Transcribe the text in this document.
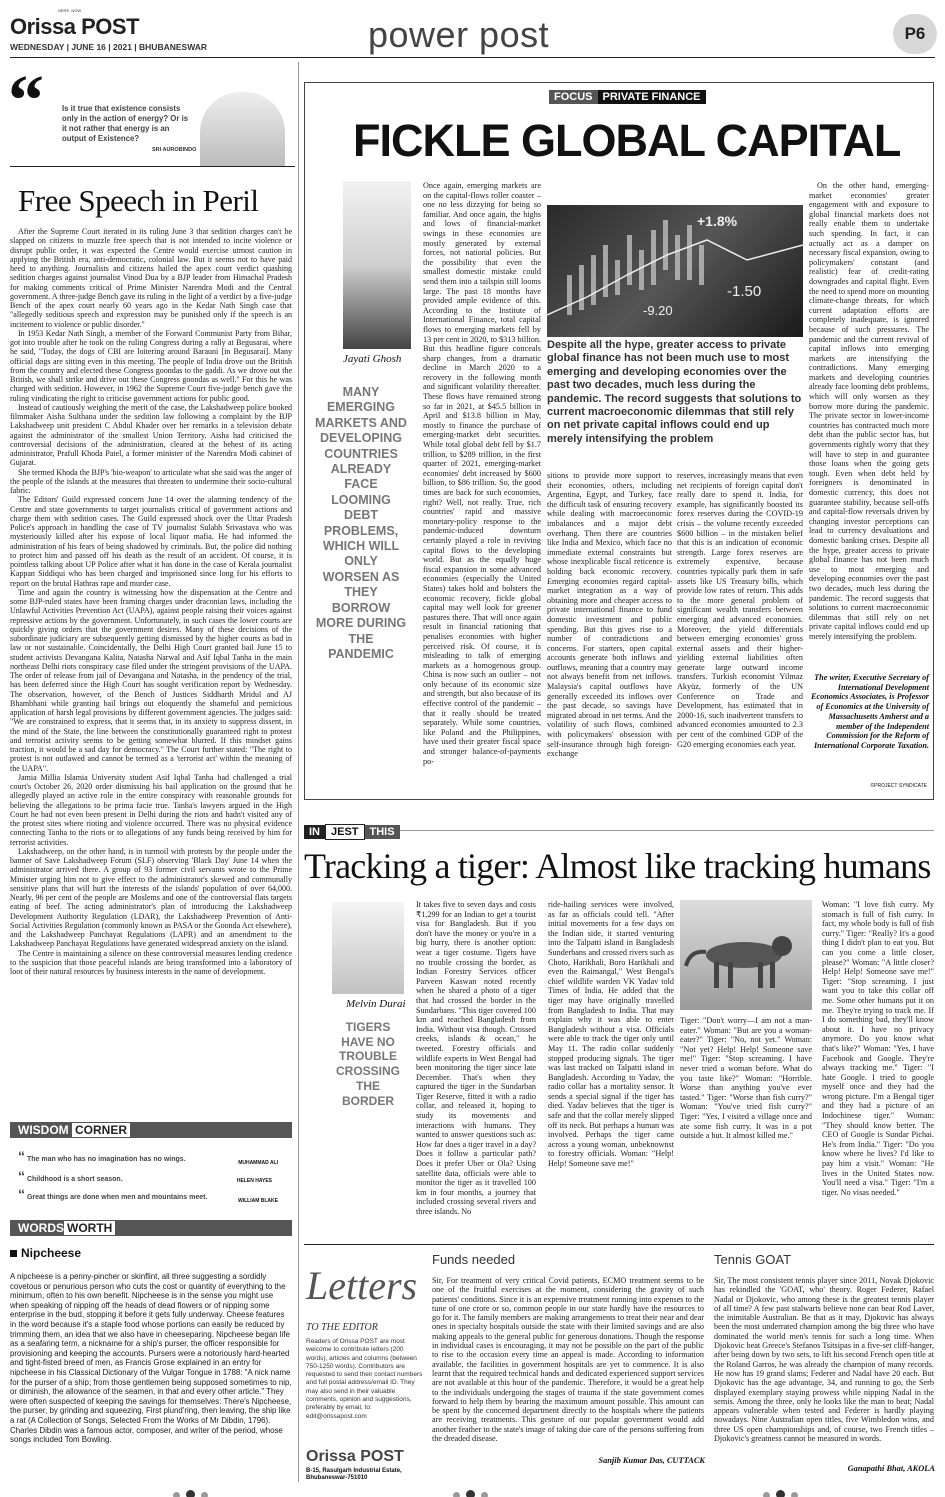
HERE, NOW
Orissa POST
WEDNESDAY | JUNE 16 | 2021 | BHUBANESWAR	power post	P6
“ Is it true that existence consists only in the action of energy? Or is it not rather that energy is an output of Existence?
SRI AUROBINDO
Free Speech in Peril

After the Supreme Court iterated in its ruling June 3 that sedition charges can't be slapped on citizens to muzzle free speech that is not intended to incite violence or disrupt public order, it was expected the Centre would exercise utmost caution in applying the British era, anti-democratic, colonial law. But it seems not to have paid heed to anything. Journalists and citizens hailed the apex court verdict quashing sedition charges against journalist Vinod Dua by a BJP leader from Himachal Pradesh for making comments critical of Prime Minister Narendra Modi and the Central government. A three-judge Bench gave its ruling in the light of a verdict by a five-judge Bench of the apex court nearly 60 years ago in the Kedar Nath Singh case that "allegedly seditious speech and expression may be punished only if the speech is an incitement to violence or public disorder."

In 1953 Kedar Nath Singh, a member of the Forward Communist Party from Bihar, got into trouble after he took on the ruling Congress during a rally at Begusarai, where he said, "Today, the dogs of CBI are loitering around Barauni [in Begusarai]. Many official dogs are sitting even in this meeting. The people of India drove out the British from the country and elected these Congress goondas to the gaddi. As we drove out the British, we shall strike and drive out these Congress goondas as well." For this he was charged with sedition. However, in 1962 the Supreme Court five-judge bench gave the ruling vindicating the right to criticise government actions for public good.

Instead of cautiously weighing the merit of the case, the Lakshadweep police booked filmmaker Aisha Sulthana under the sedition law following a complaint by the BJP Lakshadweep unit president C Abdul Khader over her remarks in a television debate against the administrator of the smallest Union Territory. Aisha had criticised the controversial decisions of the administration, cleared at the behest of its acting administrator, Prafull Khoda Patel, a former minister of the Narendra Modi cabinet of Gujarat.

She termed Khoda the BJP's 'bio-weapon' to articulate what she said was the anger of the people of the islands at the measures that threaten to undermine their socio-cultural fabric.

The Editors' Guild expressed concern June 14 over the alarming tendency of the Centre and state governments to target journalists critical of government actions and charge them with sedition cases. The Guild expressed shock over the Uttar Pradesh Police's approach in handling the case of TV journalist Sulabh Srivastava who was mysteriously killed after his expose of local liquor mafia. He had informed the administration of his fears of being shadowed by criminals. But, the police did nothing to protect him and passed off his death as the result of an accident. Of course, it is pointless talking about UP Police after what it has done in the case of Kerala journalist Kappan Siddiqui who has been charged and imprisoned since long for his efforts to report on the brutal Hathras rape and murder case.

Time and again the country is witnessing how the dispensation at the Centre and some BJP-ruled states have been framing charges under draconian laws, including the Unlawful Activities Prevention Act (UAPA), against people raising their voices against repressive actions by the government. Unfortunately, in such cases the lower courts are quickly giving orders that the government desires. Many of these decisions of the subordinate judiciary are subsequently getting dismissed by the higher courts as bad in law or not sustainable. Coincidentally, the Delhi High Court granted bail June 15 to student activists Devangana Kalita, Natasha Narwal and Asif Iqbal Tanha in the main northeast Delhi riots conspiracy case filed under the stringent provisions of the UAPA. The order of release from jail of Devangana and Natasha, in the pendency of the trial, has been deferred since the High Court has sought verification report by Wednesday. The observation, however, of the Bench of Justices Siddharth Mridul and AJ Bhambhani while granting bail brings out eloquently the shameful and pernicious application of harsh legal provisions by different government agencies. The judges said: "We are constrained to express, that it seems that, in its anxiety to suppress dissent, in the mind of the State, the line between the constitutionally guaranteed right to protest and terrorist activity seems to be getting somewhat blurred. If this mindset gains traction, it would be a sad day for democracy." The Court further stated: "The right to protest is not outlawed and cannot be termed as a 'terrorist act' within the meaning of the UAPA".

Jamia Millia Islamia University student Asif Iqbal Tanha had challenged a trial court's October 26, 2020 order dismissing his bail application on the ground that he allegedly played an active role in the entire conspiracy with reasonable grounds for believing the allegations to be prima facie true. Tanha's lawyers argued in the High Court he had not even been present in Delhi during the riots and hadn't visited any of the protest sites where rioting and violence occurred. There was no physical evidence connecting Tanha to the riots or to allegations of any funds being received by him for terrorist activities.

Lakshadweep, on the other hand, is in turmoil with protests by the people under the banner of Save Lakshadweep Forum (SLF) observing 'Black Day' June 14 when the administrator arrived there. A group of 93 former civil servants wrote to the Prime Minister urging him not to give effect to the administrator's skewed and communally sensitive plans that will hurt the interests of the islands' population of over 64,000. Nearly, 96 per cent of the people are Moslems and one of the controversial flats targets eating of beef. The acting administrator's plan of introducing the Lakshadweep Development Authority Regulation (LDAR), the Lakshadweep Prevention of Anti-Social Activities Regulation (commonly known as PASA or the Goonda Act elsewhere), and the Lakshadweep Panchayat Regulations (LAPR) and an amendment to the Lakshadweep Panchayat Regulations have generated widespread anxiety on the island.

The Centre is maintaining a silence on these controversial measures lending credence to the suspicion that those peaceful islands are being transformed into a laboratory of loot of their natural resources by business interests in the name of development.

WISDOM CORNER
“ The man who has no imagination has no wings.	MUHAMMAD ALI
“ Childhood is a short season.	HELEN HAYES
“ Great things are done when men and mountains meet.	WILLIAM BLAKE
WORDS WORTH
Nipcheese
A nipcheese is a penny-pincher or skinflint, all three suggesting a sordidly covetous or penurious person who cuts the cost or quantity of everything to the minimum, often to his own benefit. Nipcheese is in the sense you might use when speaking of nipping off the heads of dead flowers or of nipping some enterprise in the bud, stopping it before it gets fully underway. Cheese features in the word because it's a staple food whose portions can easily be reduced by trimming them, an idea that we also have in cheeseparing. Nipcheese began life as a seafaring term, a nickname for a ship's purser, the officer responsible for provisioning and keeping the accounts. Pursers were a notoriously hard-hearted and tight-fisted breed of men, as Francis Grose explained in an entry for nipcheese in his Classical Dictionary of the Vulgar Tongue in 1788: "A nick name for the purser of a ship; from those gentlemen being supposed sometimes to nip, or diminish, the allowance of the seamen, in that and every other article." They were often suspected of keeping the savings for themselves: There's Nipcheese, the purser, by grinding and squeezing, First plund'ring, then leaving, the ship like a rat (A Collection of Songs, Selected From the Works of Mr Dibdin, 1796). Charles Dibdin was a famous actor, composer, and writer of the period, whose songs included Tom Bowling.
FOCUS PRIVATE FINANCE
FICKLE GLOBAL CAPITAL
Jayati Ghosh
MANY EMERGING MARKETS AND DEVELOPING COUNTRIES ALREADY FACE LOOMING DEBT PROBLEMS, WHICH WILL ONLY WORSEN AS THEY BORROW MORE DURING THE PANDEMIC

Once again, emerging markets are on the capital-flows roller coaster – one no less dizzying for being so familiar. And once again, the highs and lows of financial-market swings in these economies are mostly generated by external forces, not national policies. But the possibility that even the smallest domestic mistake could send them into a tailspin still looms large. The past 18 months have provided ample evidence of this. According to the Institute of International Finance, total capital flows to emerging markets fell by 13 per cent in 2020, to $313 billion. But this headline figure conceals sharp changes, from a dramatic decline in March 2020 to a recovery in the following month and significant volatility thereafter. These flows have remained strong so far in 2021, at $45.5 billion in April and $13.8 billion in May, mostly to finance the purchase of emerging-market debt securities. While total global debt fell by $1.7 trillion, to $289 trillion, in the first quarter of 2021, emerging-market economies' debt increased by $600 billion, to $86 trillion. So, the good times are back for such economies, right? Well, not really. True, rich countries' rapid and massive monetary-policy response to the pandemic-induced downturn certainly played a role in reviving capital flows to the developing world. But as the equally huge fiscal expansion in some advanced economies (especially the United States) takes hold and bolsters the economic recovery, fickle global capital may well look for greener pastures there. That will once again result in financial rationing that penalises economies with higher perceived risk. Of course, it is misleading to talk of emerging markets as a homogenous group. China is now such an outlier – not only because of its economic size and strength, but also because of its effective control of the pandemic – that it really should be treated separately. While some countries, like Poland and the Philippines, have used their greater fiscal space and stronger balance-of-payments po-

+1.8%
-1.50
-9.20
Despite all the hype, greater access to private global finance has not been much use to most emerging and developing economies over the past two decades, much less during the pandemic. The record suggests that solutions to current macroeconomic dilemmas that still rely on net private capital inflows could end up merely intensifying the problem

sitions to provide more support to their economies, others, including Argentina, Egypt, and Turkey, face the difficult task of ensuring recovery while dealing with macroeconomic imbalances and a major debt overhang. Then there are countries like India and Mexico, which face no immediate external constraints but whose inexplicable fiscal reticence is holding back economic recovery. Emerging economies regard capital-market integration as a way of obtaining more and cheaper access to private international finance to fund domestic investment and public spending. But this gives rise to a number of contradictions and concerns. For starters, open capital accounts generate both inflows and outflows, meaning that a country may not always benefit from net inflows. Malaysia's capital outflows have generally exceeded its inflows over the past decade, so savings have migrated abroad in net terms. And the volatility of such flows, combined with policymakers' obsession with self-insurance through high foreign-exchange

reserves, increasingly means that even net recipients of foreign capital don't really dare to spend it. India, for example, has significantly boosted its forex reserves during the COVID-19 crisis – the volume recently exceeded $600 billion – in the mistaken belief that this is an indication of economic strength. Large forex reserves are extremely expensive, because countries typically park them in safe assets like US Treasury bills, which provide low rates of return. This adds to the more general problem of significant wealth transfers between emerging and advanced economies. Moreover, the yield differentials between emerging economies' gross external assets and their higher-yielding external liabilities often generate large outward income transfers. Turkish economist Yilmaz Akyüz, formerly of the UN Conference on Trade and Development, has estimated that in 2000-16, such inadvertent transfers to advanced economies amounted to 2.3 per cent of the combined GDP of the G20 emerging economies each year.

On the other hand, emerging-market economies' greater engagement with and exposure to global financial markets does not really enable them to undertake such spending. In fact, it can actually act as a damper on necessary fiscal expansion, owing to policymakers' constant (and realistic) fear of credit-rating downgrades and capital flight. Even the need to spend more on mounting climate-change threats, for which current adaptation efforts are completely inadequate, is ignored because of such pressures. The pandemic and the current revival of capital inflows into emerging markets are intensifying the contradictions. Many emerging markets and developing countries already face looming debt problems, which will only worsen as they borrow more during the pandemic. The private sector in lower-income countries has contracted much more debt than the public sector has, but governments rightly worry that they will have to step in and guarantee those loans when the going gets tough. Even when debt held by foreigners is denominated in domestic currency, this does not guarantee stability, because sell-offs and capital-flow reversals driven by changing investor perceptions can lead to currency devaluations and domestic banking crises. Despite all the hype, greater access to private global finance has not been much use to most emerging and developing economies over the past two decades, much less during the pandemic. The record suggests that solutions to current macroeconomic dilemmas that still rely on net private capital inflows could end up merely intensifying the problem.

The writer, Executive Secretary of International Development Economics Associates, is Professor of Economics at the University of Massachusetts Amherst and a member of the Independent Commission for the Reform of International Corporate Taxation.
©PROJECT SYNDICATE
IN JEST THIS
Tracking a tiger: Almost like tracking humans
Melvin Durai
TIGERS HAVE NO TROUBLE CROSSING THE BORDER

It takes five to seven days and costs ₹1,299 for an Indian to get a tourist visa for Bangladesh. But if you don't have the money or you're in a big hurry, there is another option: wear a tiger costume. Tigers have no trouble crossing the border, as Indian Forestry Services officer Parveen Kaswan noted recently when he shared a photo of a tiger that had crossed the border in the Sundarbans. "This tiger covered 100 km and reached Bangladesh from India. Without visa though. Crossed creeks, islands & ocean," he tweeted. Forestry officials and wildlife experts in West Bengal had been monitoring the tiger since late December. That's when they captured the tiger in the Sundarban Tiger Reserve, fitted it with a radio collar, and released it, hoping to study its movements and interactions with humans. They wanted to answer questions such as: How far does a tiger travel in a day? Does it follow a particular path? Does it prefer Uber or Ola? Using satellite data, officials were able to monitor the tiger as it travelled 100 km in four months, a journey that included crossing several rivers and three islands. No

ride-hailing services were involved, as far as officials could tell. "After initial movements for a few days on the Indian side, it started venturing into the Talpatti island in Bangladesh Sunderbans and crossed rivers such as Choto, Harikhali, Boro Harikhali and even the Raimangal," West Bengal's chief wildlife warden VK Yadav told Times of India. He added that the tiger may have originally travelled from Bangladesh to India. That may explain why it was able to enter Bangladesh without a visa. Officials were able to track the tiger only until May 11. The radio collar suddenly stopped producing signals. The tiger was last tracked on Talpatti island in Bangladesh. According to Yadav, the radio collar has a mortality sensor. It sends a special signal if the tiger has died. Yadav believes that the tiger is safe and that the collar merely slipped off its neck. But perhaps a human was involved. Perhaps the tiger came across a young woman, unbeknownst to forestry officials. Woman: "Help! Help! Someone save me!"

Tiger: "Don't worry—I am not a man-eater." Woman: "But are you a woman-eater?" Tiger: "No, not yet." Woman: "Not yet? Help! Help! Someone save me!" Tiger: "Stop screaming. I have never tried a woman before. What do you taste like?" Woman: "Horrible. Worse than anything you've ever tasted." Tiger: "Worse than fish curry?" Woman: "You've tried fish curry?" Tiger: "Yes, I visited a village once and ate some fish curry. It was in a pot outside a hut. It almost killed me."

Woman: "I love fish curry. My stomach is full of fish curry. In fact, my whole body is full of fish curry." Tiger: "Really? It's a good thing I didn't plan to eat you. But can you come a little closer, please?" Woman: "A little closer? Help! Help! Someone save me!" Tiger: "Stop screaming. I just want you to take this collar off me. Some other humans put it on me. They're trying to track me. If I do something bad, they'll know about it. I have no privacy anymore. Do you know what that's like?" Woman: "Yes, I have Facebook and Google. They're always tracking me." Tiger: "I hate Google. I tried to google myself once and they had the wrong picture. I'm a Bengal tiger and they had a picture of an Indochinese tiger." Woman: "They should know better. The CEO of Google is Sundar Pichai. He's from India." Tiger: "Do you know where he lives? I'd like to pay him a visit." Woman: "He lives in the United States now. You'll need a visa." Tiger: "I'm a tiger. No visas needed."

Letters
TO THE EDITOR
Readers of Orissa POST are most welcome to contribute letters (200 words), articles and columns (between 750-1250 words). Contributors are requested to send their contact numbers and full postal address/email ID. They may also send in their valuable comments, opinion and suggestions, preferably by email, to: edit@orissapost.com
Orissa POST
B-15, Rasulgarh Industrial Estate, Bhubaneswar-751010
Funds needed
Sir, For treatment of very critical Covid patients, ECMO treatment seems to be one of the fruitful exercises at the moment, considering the gravity of such patients' conditions. Since it is an expensive treatment running into expenses to the tune of one crore or so, common people in our state hardly have the resources to go for it. The family members are making arrangements to treat their near and dear ones in specialty hospitals outside the state with their limited savings and are also making appeals to the general public for generous donations. Though the response in individual cases is encouraging, it may not be possible on the part of the public to rise to the occasion every time an appeal is made. According to information available, the facilities in government hospitals are yet to commence. It is also learnt that the required technical hands and dedicated experienced support services are not available at this hour of the pandemic. Therefore, it would be a great help to the individuals undergoing the stages of trauma if the state government comes forward to help them by bearing the maximum amount possible. This amount can be spent by the concerned department directly to the hospitals where the patients are receiving treatments. This gesture of our popular government would add another feather to the state's image of taking due care of the persons suffering from the dreaded disease.
Sanjib Kumar Das, CUTTACK
Tennis GOAT
Sir, The most consistent tennis player since 2011, Novak Djokovic has rekindled the 'GOAT, who' theory. Roger Federer, Rafael Nadal or Djokovic, who among these is the greatest tennis player of all time? A few past stalwarts believe none can beat Rod Laver, the inimitable Australian. Be that as it may, Djokovic has always been the most underrated champion among the big three who have dominated the world men's tennis for such a long time. When Djokovic beat Greece's Stefanos Tsitsipas in a five-set cliff-hanger, after being down by two sets, to lift his second French open title at the Roland Garros, he was already the champion of many records. He now has 19 grand slams; Federer and Nadal have 20 each. But Djokovic has the age advantage, 34, and running to go, the Serb displayed exemplary staying prowess while nipping Nadal in the semis. Among the three, only he looks like the man to beat; Nadal appears vulnerable when tested and Federer is hardly playing nowadays. Nine Australian open titles, five Wimbledon wins, and three US open championships and, of course, two French titles – Djokovic's greatness cannot be measured in words.
Ganapathi Bhat, AKOLA
